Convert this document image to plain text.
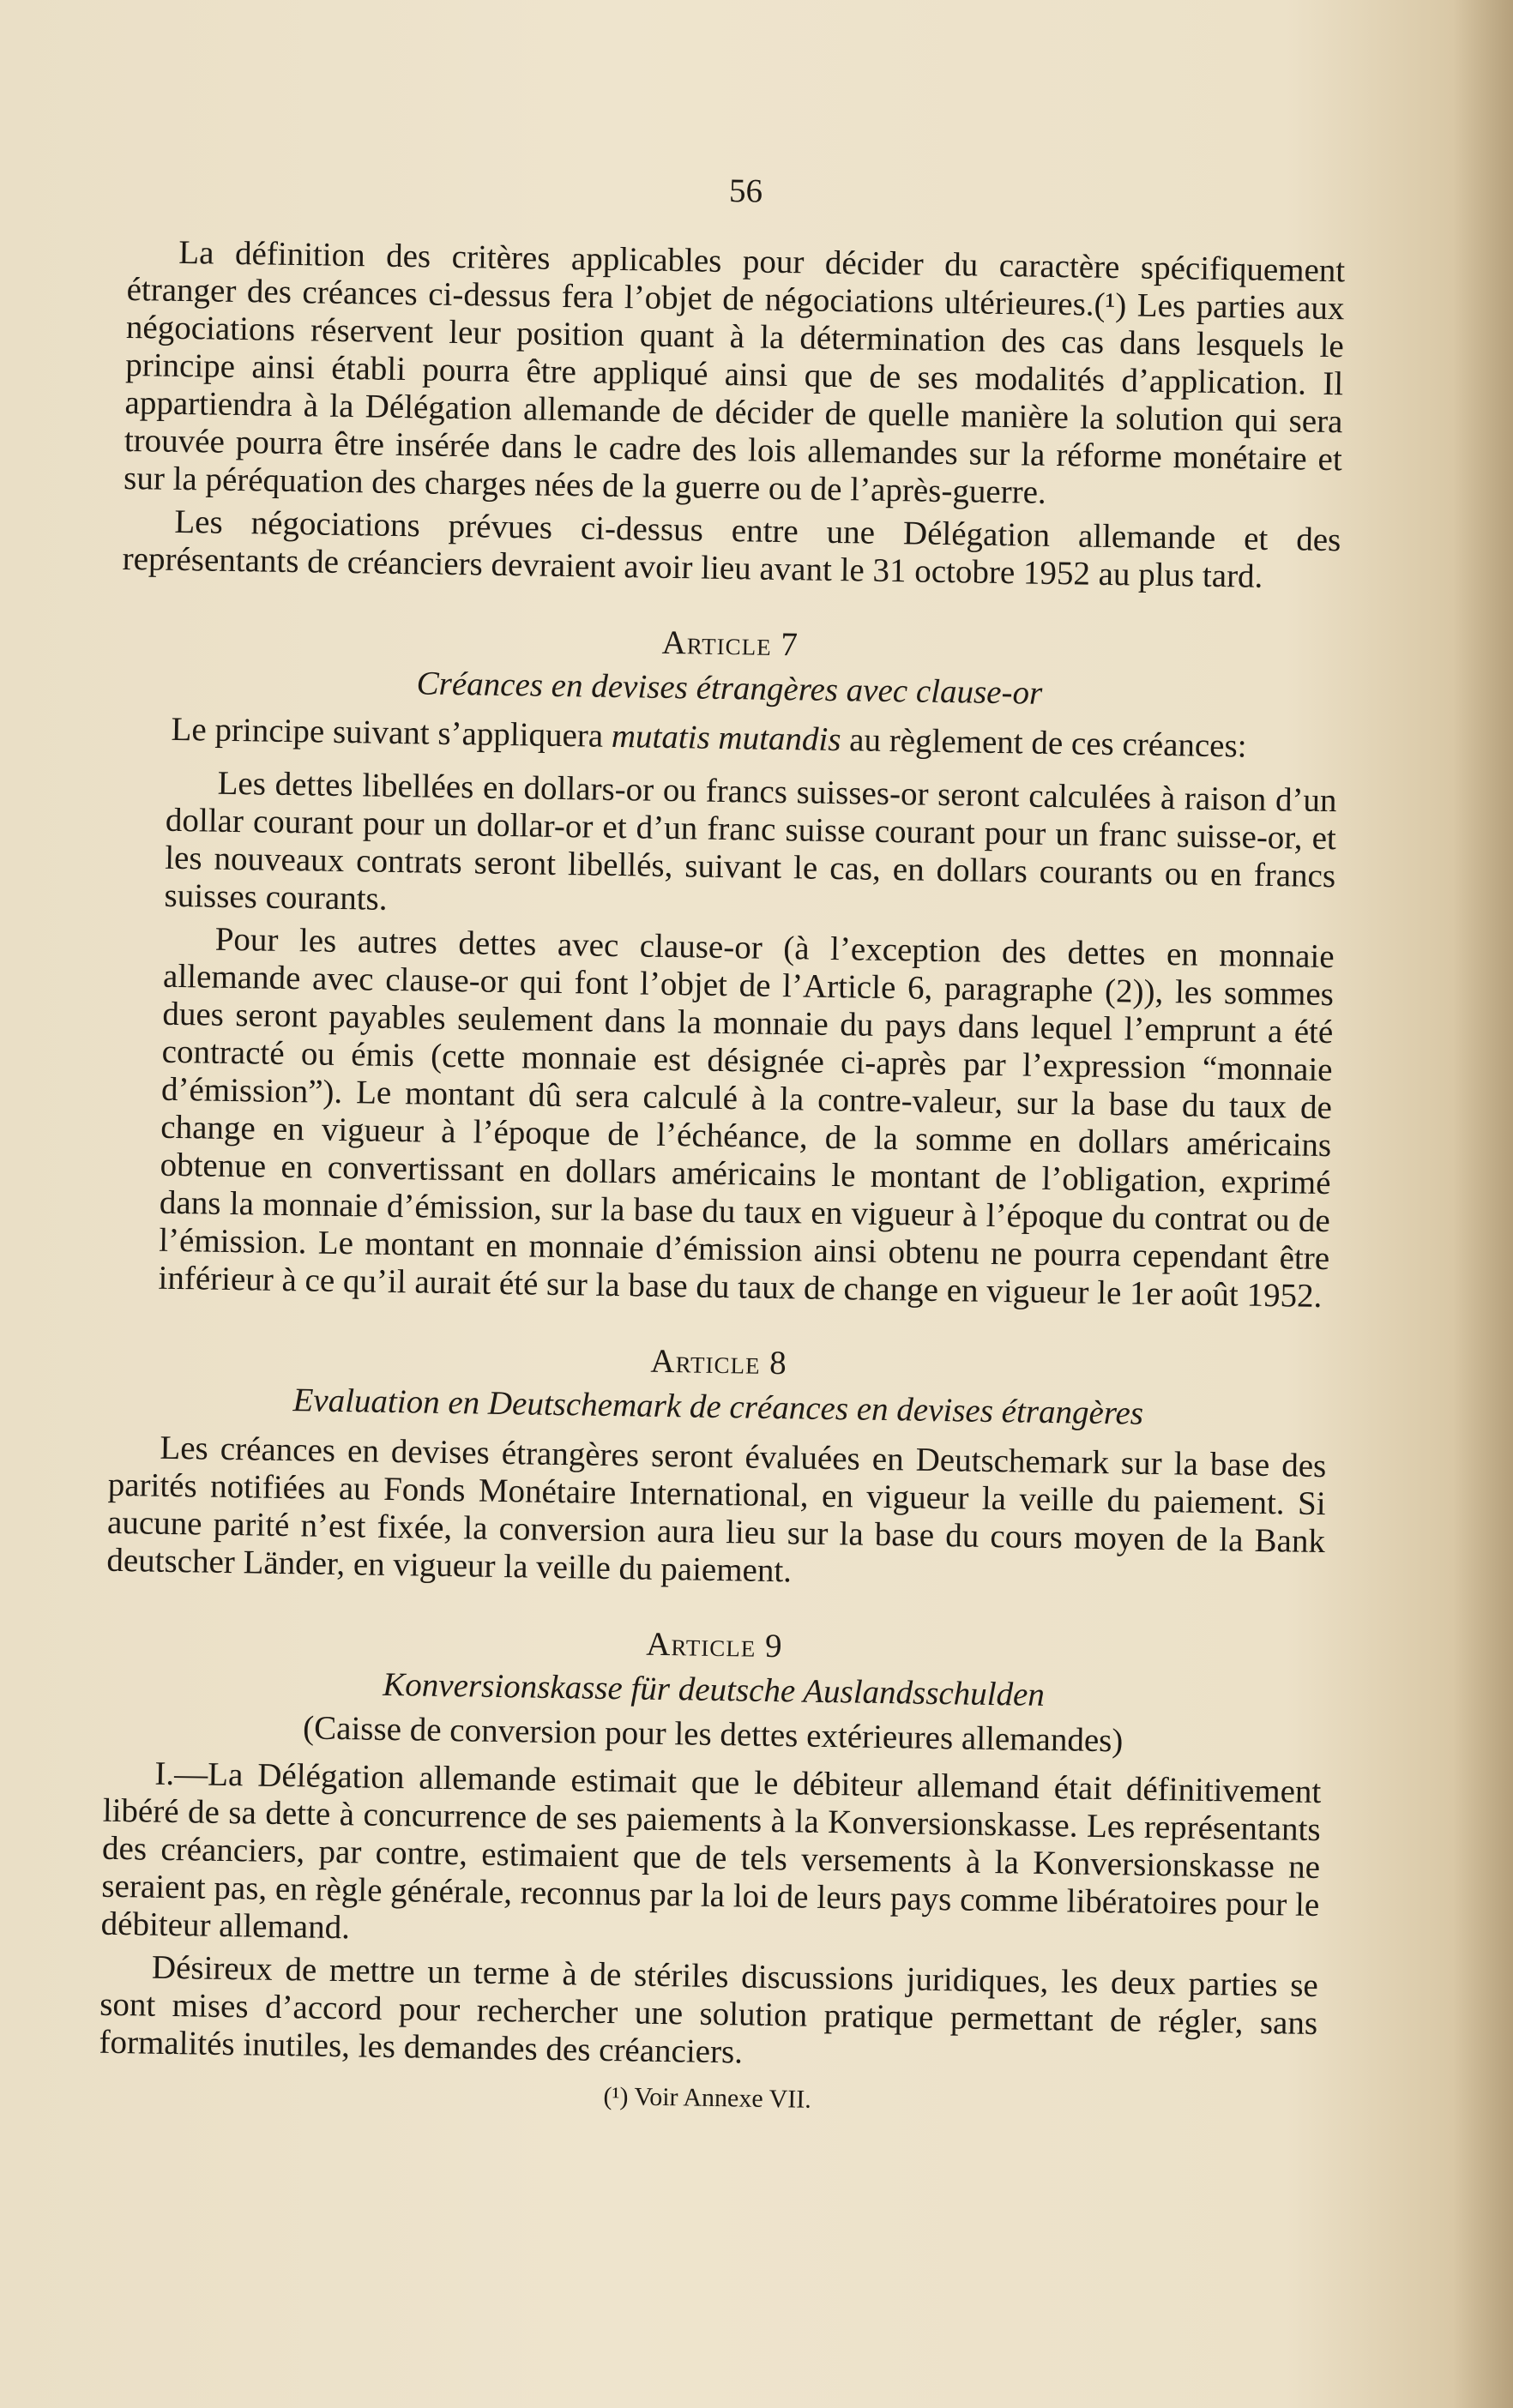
56

La définition des critères applicables pour décider du caractère spécifiquement étranger des créances ci-dessus fera l’objet de négociations ultérieures.(¹) Les parties aux négociations réservent leur position quant à la détermination des cas dans lesquels le principe ainsi établi pourra être appliqué ainsi que de ses modalités d’application. Il appartiendra à la Délégation allemande de décider de quelle manière la solution qui sera trouvée pourra être insérée dans le cadre des lois allemandes sur la réforme monétaire et sur la péréquation des charges nées de la guerre ou de l’après-guerre.

Les négociations prévues ci-dessus entre une Délégation allemande et des représentants de créanciers devraient avoir lieu avant le 31 octobre 1952 au plus tard.

Article 7
Créances en devises étrangères avec clause-or

Le principe suivant s’appliquera mutatis mutandis au règlement de ces créances:

Les dettes libellées en dollars-or ou francs suisses-or seront calculées à raison d’un dollar courant pour un dollar-or et d’un franc suisse courant pour un franc suisse-or, et les nouveaux contrats seront libellés, suivant le cas, en dollars courants ou en francs suisses courants.

Pour les autres dettes avec clause-or (à l’exception des dettes en monnaie allemande avec clause-or qui font l’objet de l’Article 6, paragraphe (2)), les sommes dues seront payables seulement dans la monnaie du pays dans lequel l’emprunt a été contracté ou émis (cette monnaie est désignée ci-après par l’expression “monnaie d’émission”). Le montant dû sera calculé à la contre-valeur, sur la base du taux de change en vigueur à l’époque de l’échéance, de la somme en dollars américains obtenue en convertissant en dollars américains le montant de l’obligation, exprimé dans la monnaie d’émission, sur la base du taux en vigueur à l’époque du contrat ou de l’émission. Le montant en monnaie d’émission ainsi obtenu ne pourra cependant être inférieur à ce qu’il aurait été sur la base du taux de change en vigueur le 1er août 1952.

Article 8
Evaluation en Deutschemark de créances en devises étrangères

Les créances en devises étrangères seront évaluées en Deutschemark sur la base des parités notifiées au Fonds Monétaire International, en vigueur la veille du paiement. Si aucune parité n’est fixée, la conversion aura lieu sur la base du cours moyen de la Bank deutscher Länder, en vigueur la veille du paiement.

Article 9
Konversionskasse für deutsche Auslandsschulden
(Caisse de conversion pour les dettes extérieures allemandes)

I.—La Délégation allemande estimait que le débiteur allemand était définitivement libéré de sa dette à concurrence de ses paiements à la Konversionskasse. Les représentants des créanciers, par contre, estimaient que de tels versements à la Konversionskasse ne seraient pas, en règle générale, reconnus par la loi de leurs pays comme libératoires pour le débiteur allemand.

Désireux de mettre un terme à de stériles discussions juridiques, les deux parties se sont mises d’accord pour rechercher une solution pratique permettant de régler, sans formalités inutiles, les demandes des créanciers.

(¹) Voir Annexe VII.
